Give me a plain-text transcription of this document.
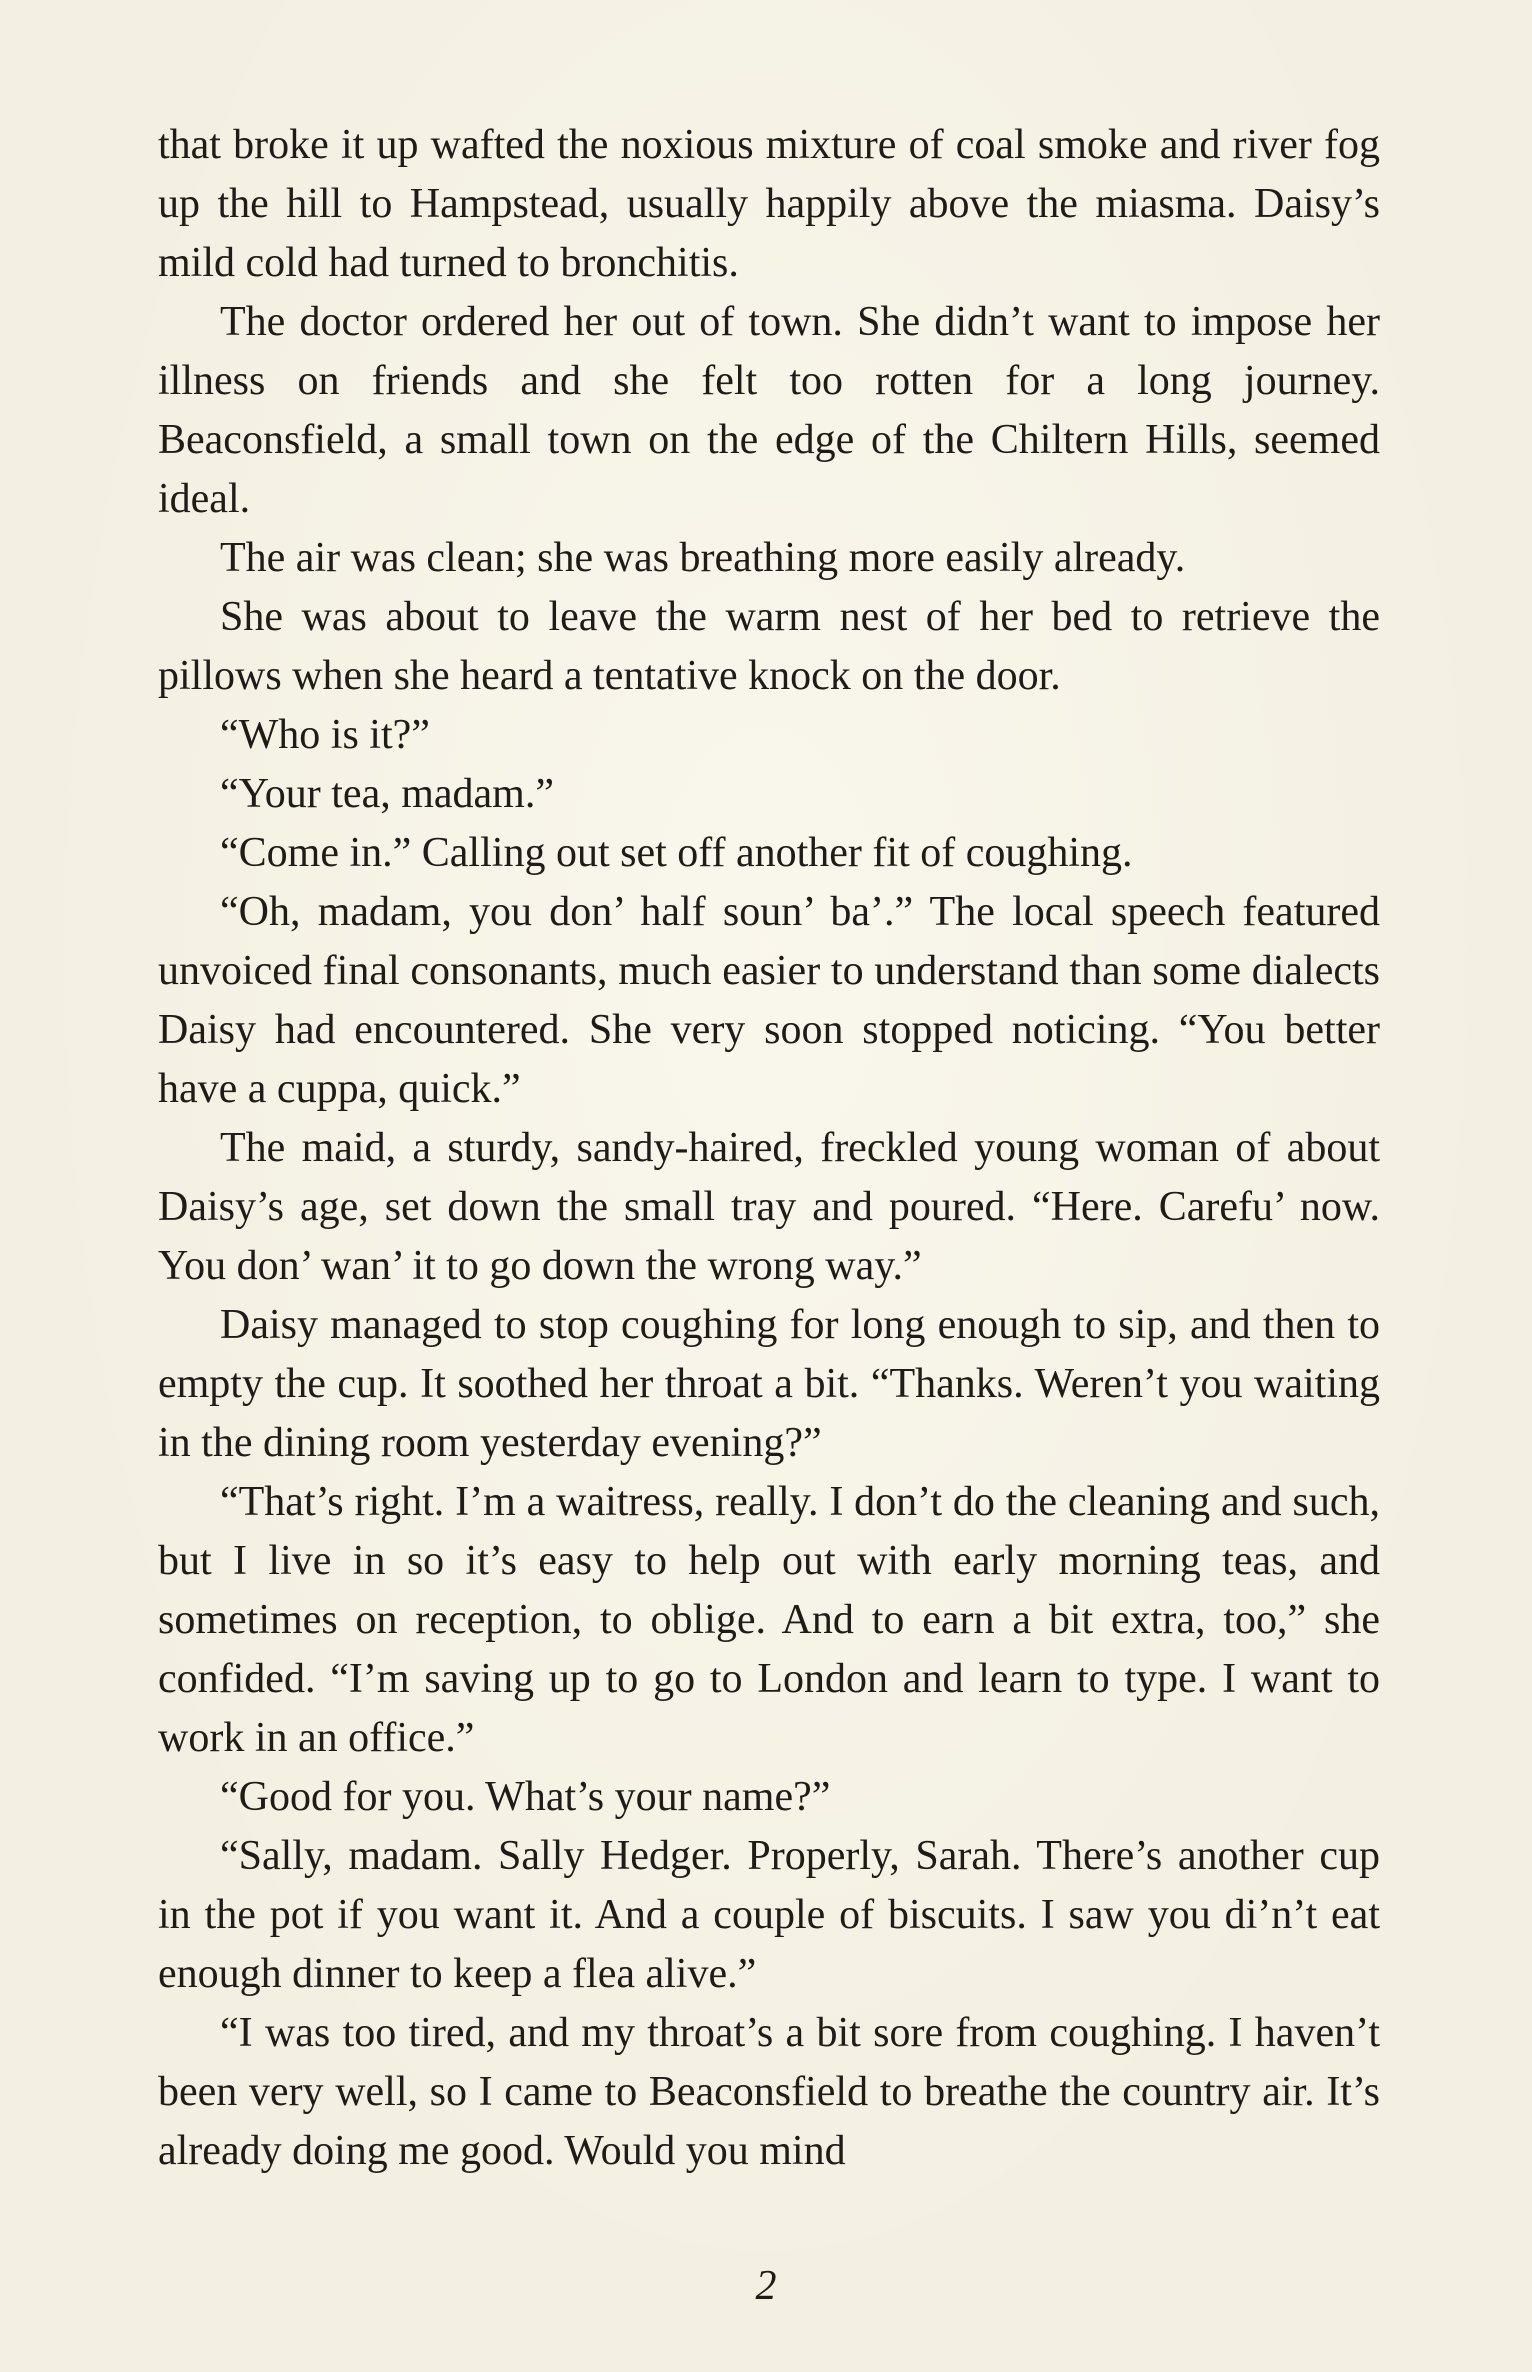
that broke it up wafted the noxious mixture of coal smoke and river fog up the hill to Hampstead, usually happily above the miasma. Daisy’s mild cold had turned to bronchitis.

The doctor ordered her out of town. She didn’t want to impose her illness on friends and she felt too rotten for a long journey. Beaconsfield, a small town on the edge of the Chiltern Hills, seemed ideal.

The air was clean; she was breathing more easily already.

She was about to leave the warm nest of her bed to retrieve the pillows when she heard a tentative knock on the door.

“Who is it?”

“Your tea, madam.”

“Come in.” Calling out set off another fit of coughing.

“Oh, madam, you don’ half soun’ ba’.” The local speech featured unvoiced final consonants, much easier to understand than some dialects Daisy had encountered. She very soon stopped noticing. “You better have a cuppa, quick.”

The maid, a sturdy, sandy-haired, freckled young woman of about Daisy’s age, set down the small tray and poured. “Here. Carefu’ now. You don’ wan’ it to go down the wrong way.”

Daisy managed to stop coughing for long enough to sip, and then to empty the cup. It soothed her throat a bit. “Thanks. Weren’t you waiting in the dining room yesterday evening?”

“That’s right. I’m a waitress, really. I don’t do the cleaning and such, but I live in so it’s easy to help out with early morning teas, and sometimes on reception, to oblige. And to earn a bit extra, too,” she confided. “I’m saving up to go to London and learn to type. I want to work in an office.”

“Good for you. What’s your name?”

“Sally, madam. Sally Hedger. Properly, Sarah. There’s another cup in the pot if you want it. And a couple of biscuits. I saw you di’n’t eat enough dinner to keep a flea alive.”

“I was too tired, and my throat’s a bit sore from coughing. I haven’t been very well, so I came to Beaconsfield to breathe the country air. It’s already doing me good. Would you mind

2
